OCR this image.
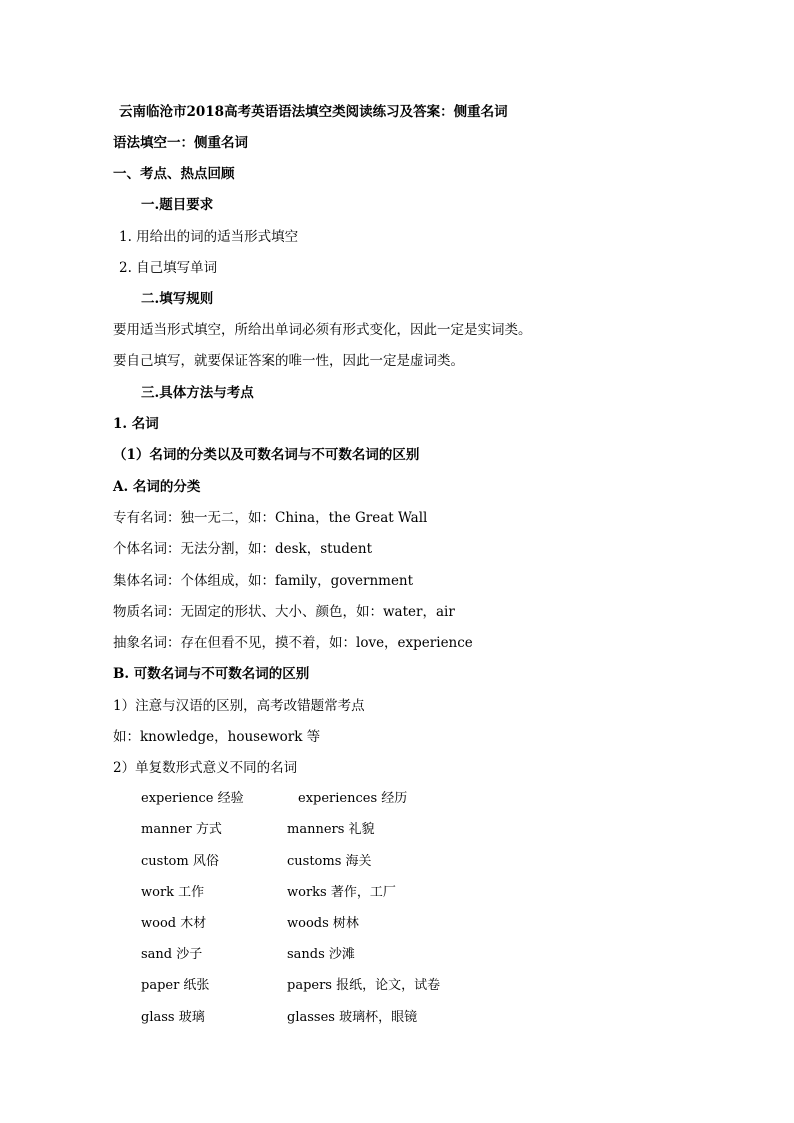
云南临沧市2018高考英语语法填空类阅读练习及答案：侧重名词
语法填空一：侧重名词
一、考点、热点回顾
一.题目要求
1. 用给出的词的适当形式填空
2. 自己填写单词
二.填写规则
要用适当形式填空，所给出单词必须有形式变化，因此一定是实词类。
要自己填写，就要保证答案的唯一性，因此一定是虚词类。
三.具体方法与考点
1. 名词
（1）名词的分类以及可数名词与不可数名词的区别
A. 名词的分类
专有名词：独一无二，如：China，the Great Wall
个体名词：无法分割，如：desk，student
集体名词：个体组成，如：family，government
物质名词：无固定的形状、大小、颜色，如：water，air
抽象名词：存在但看不见，摸不着，如：love，experience
B. 可数名词与不可数名词的区别
1）注意与汉语的区别，高考改错题常考点
如：knowledge，housework 等
2）单复数形式意义不同的名词
experience 经验	experiences 经历
manner 方式	manners 礼貌
custom 风俗	customs 海关
work 工作	works 著作，工厂
wood 木材	woods 树林
sand 沙子	sands 沙滩
paper 纸张	papers 报纸，论文，试卷
glass 玻璃	glasses 玻璃杯，眼镜
